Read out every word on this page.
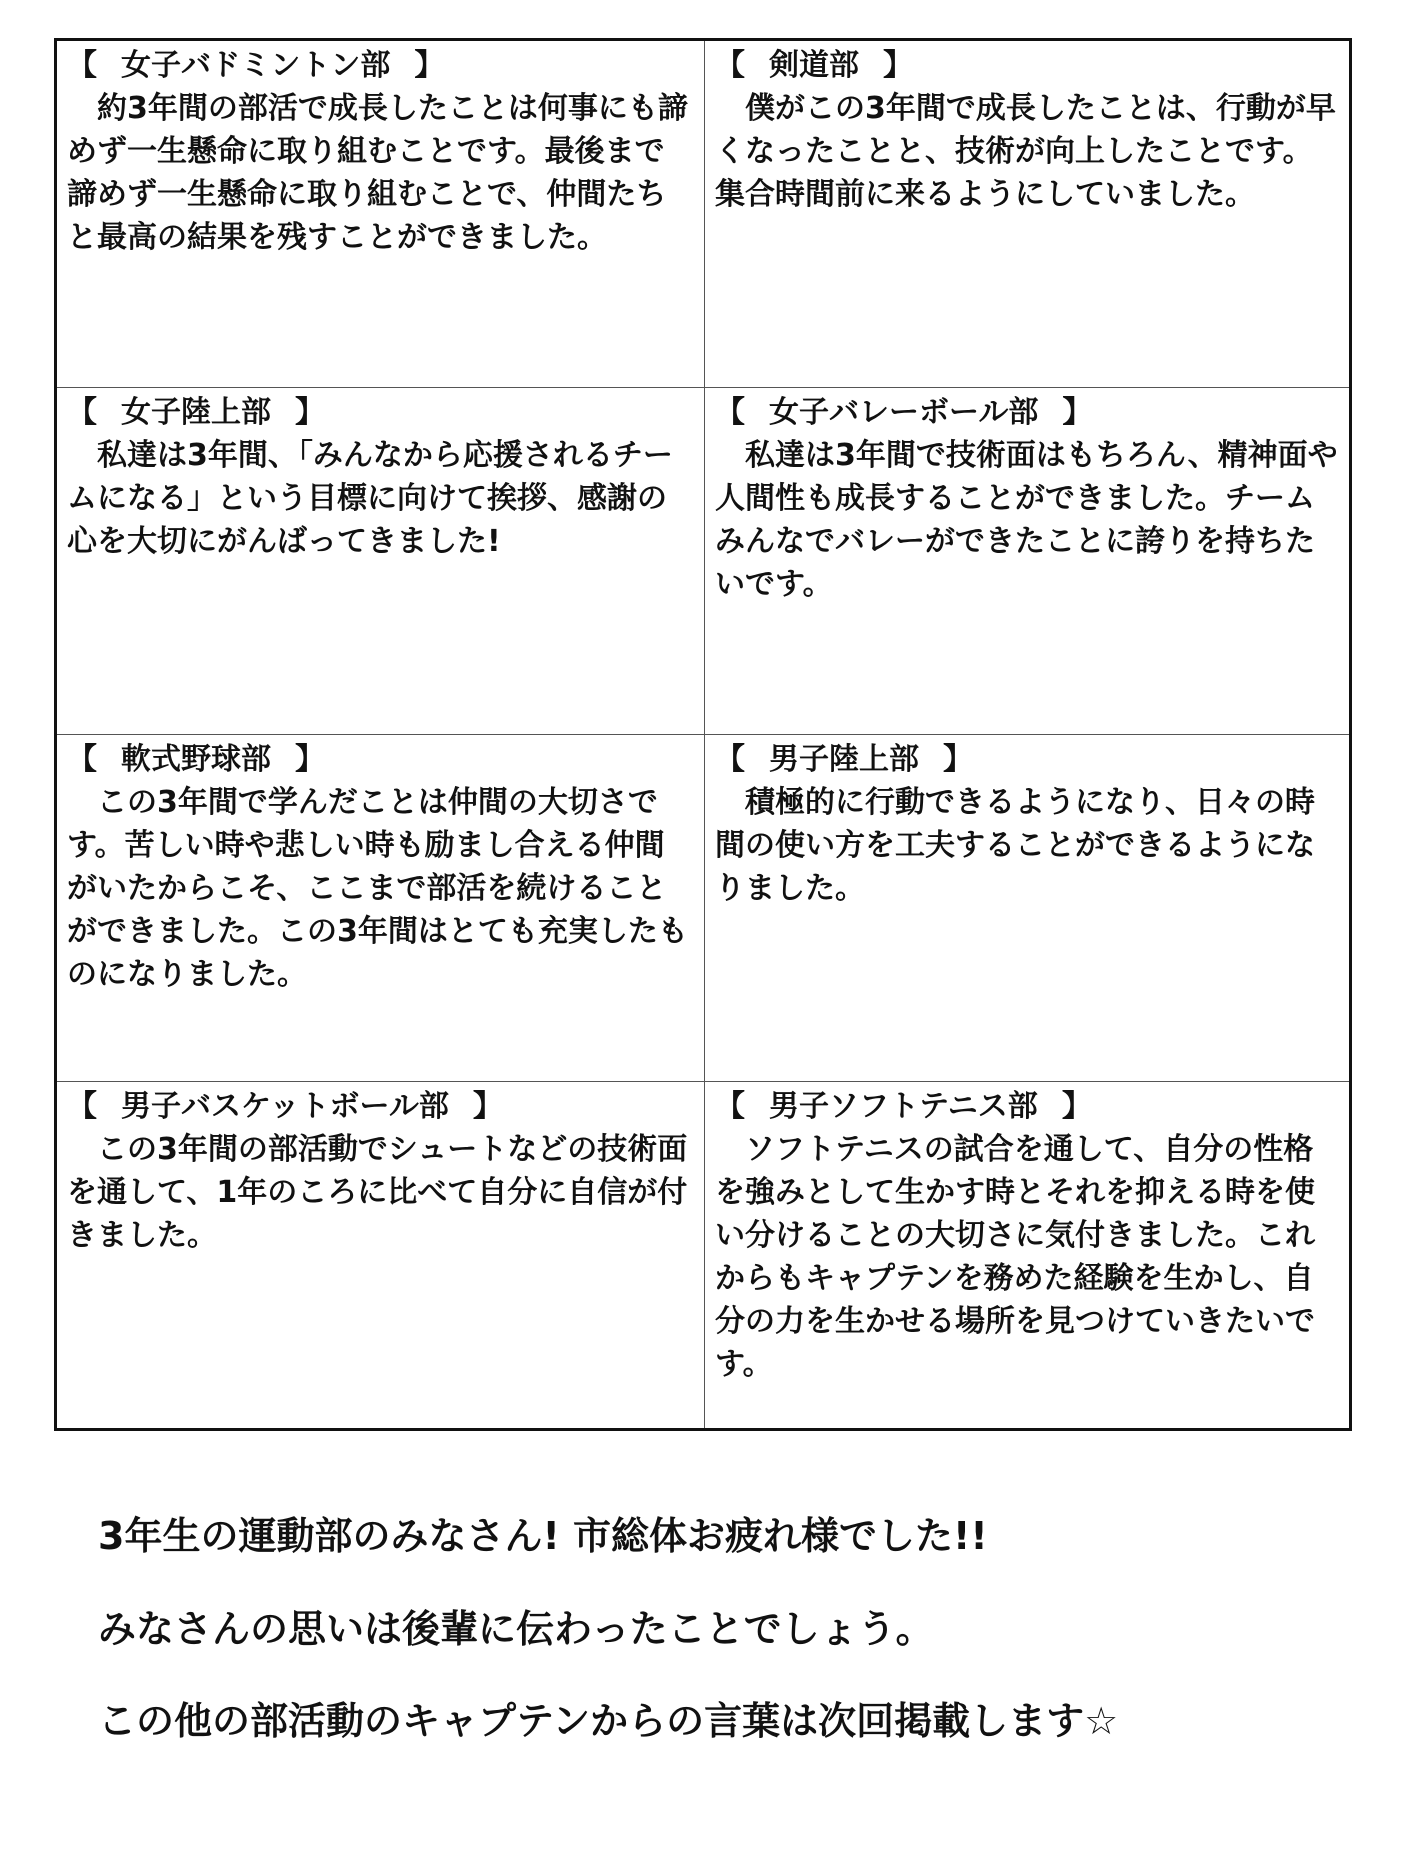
【 女子バドミントン部 】

約3年間の部活で成長したことは何事にも諦めず一生懸命に取り組むことです。最後まで諦めず一生懸命に取り組むことで、仲間たちと最高の結果を残すことができました。

【 剣道部 】

僕がこの3年間で成長したことは、行動が早くなったことと、技術が向上したことです。集合時間前に来るようにしていました。

【 女子陸上部 】

私達は3年間、「みんなから応援されるチームになる」という目標に向けて挨拶、感謝の心を大切にがんばってきました!

【 女子バレーボール部 】

私達は3年間で技術面はもちろん、精神面や人間性も成長することができました。チームみんなでバレーができたことに誇りを持ちたいです。

【 軟式野球部 】

この3年間で学んだことは仲間の大切さです。苦しい時や悲しい時も励まし合える仲間がいたからこそ、ここまで部活を続けることができました。この3年間はとても充実したものになりました。

【 男子陸上部 】

積極的に行動できるようになり、日々の時間の使い方を工夫することができるようになりました。

【 男子バスケットボール部 】

この3年間の部活動でシュートなどの技術面を通して、1年のころに比べて自分に自信が付きました。

【 男子ソフトテニス部 】

ソフトテニスの試合を通して、自分の性格を強みとして生かす時とそれを抑える時を使い分けることの大切さに気付きました。これからもキャプテンを務めた経験を生かし、自分の力を生かせる場所を見つけていきたいです。

3年生の運動部のみなさん! 市総体お疲れ様でした!!

みなさんの思いは後輩に伝わったことでしょう。

この他の部活動のキャプテンからの言葉は次回掲載します☆
